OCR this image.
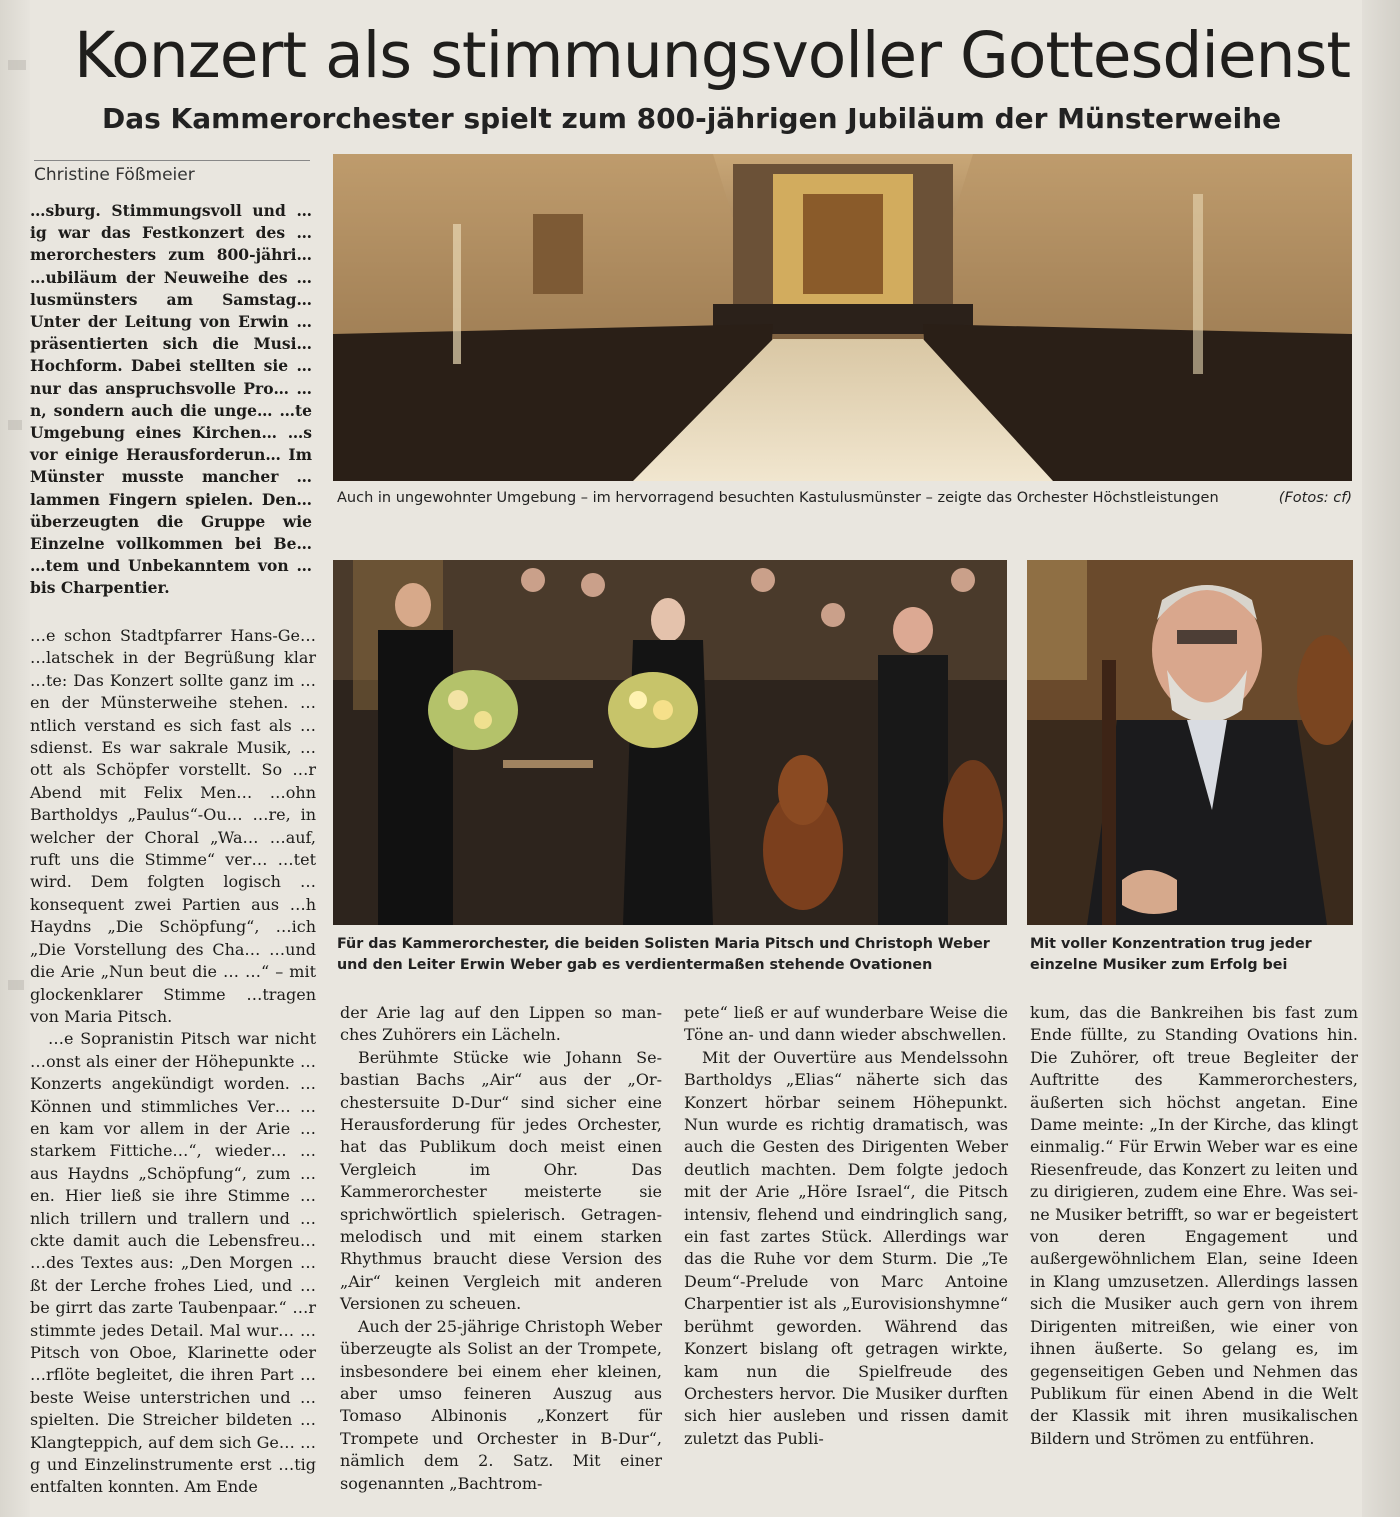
Konzert als stimmungsvoller Gottesdienst
Das Kammerorchester spielt zum 800-jährigen Jubiläum der Münsterweihe
Christine Fößmeier
…sburg. Stimmungsvoll und …ig war das Festkonzert des …merorchesters zum 800-jähri… …ubiläum der Neuweihe des …lusmünsters am Samstag… Unter der Leitung von Erwin … präsentierten sich die Musi… Hochform. Dabei stellten sie … nur das anspruchsvolle Pro… …n, sondern auch die unge… …te Umgebung eines Kirchen… …s vor einige Herausforderun… Im Münster musste mancher …lammen Fingern spielen. Den… überzeugten die Gruppe wie Einzelne vollkommen bei Be… …tem und Unbekanntem von …bis Charpentier.
Auch in ungewohnter Umgebung – im hervorragend besuchten Kastulusmünster – zeigte das Orchester Höchstleistungen	(Fotos: cf)
Für das Kammerorchester, die beiden Solisten Maria Pitsch und Christoph Weber und den Leiter Erwin Weber gab es verdientermaßen stehende Ovationen
Mit voller Konzentration trug jeder einzelne Musiker zum Erfolg bei

…e schon Stadtpfarrer Hans-Ge… …latschek in der Begrüßung klar …te: Das Konzert sollte ganz im …en der Münsterweihe stehen. …ntlich verstand es sich fast als …sdienst. Es war sakrale Musik, …ott als Schöpfer vorstellt. So …r Abend mit Felix Men… …ohn Bartholdys „Paulus“-Ou… …re, in welcher der Choral „Wa… …auf, ruft uns die Stimme“ ver… …tet wird. Dem folgten logisch … konsequent zwei Partien aus …h Haydns „Die Schöpfung“, …ich „Die Vorstellung des Cha… …und die Arie „Nun beut die … …“ – mit glockenklarer Stimme …tragen von Maria Pitsch.

…e Sopranistin Pitsch war nicht …onst als einer der Höhepunkte … Konzerts angekündigt worden. … Können und stimmliches Ver… …en kam vor allem in der Arie … starkem Fittiche…“, wieder… …aus Haydns „Schöpfung“, zum …en. Hier ließ sie ihre Stimme …nlich trillern und trallern und …ckte damit auch die Lebensfreu… …des Textes aus: „Den Morgen …ßt der Lerche frohes Lied, und …be girrt das zarte Taubenpaar.“ …r stimmte jedes Detail. Mal wur… …Pitsch von Oboe, Klarinette oder …rflöte begleitet, die ihren Part … beste Weise unterstrichen und …spielten. Die Streicher bildeten … Klangteppich, auf dem sich Ge… …g und Einzelinstrumente erst …tig entfalten konnten. Am Ende

der Arie lag auf den Lippen so manches Zuhörers ein Lächeln.

Berühmte Stücke wie Johann Sebastian Bachs „Air“ aus der „Orchestersuite D-Dur“ sind sicher eine Herausforderung für jedes Orchester, hat das Publikum doch meist einen Vergleich im Ohr. Das Kammerorchester meisterte sie sprichwörtlich spielerisch. Getragen-melodisch und mit einem starken Rhythmus braucht diese Version des „Air“ keinen Vergleich mit anderen Versionen zu scheuen.

Auch der 25-jährige Christoph Weber überzeugte als Solist an der Trompete, insbesondere bei einem eher kleinen, aber umso feineren Auszug aus Tomaso Albinonis „Konzert für Trompete und Orchester in B-Dur“, nämlich dem 2. Satz. Mit einer sogenannten „Bachtrom-

pete“ ließ er auf wunderbare Weise die Töne an- und dann wieder abschwellen.

Mit der Ouvertüre aus Mendelssohn Bartholdys „Elias“ näherte sich das Konzert hörbar seinem Höhepunkt. Nun wurde es richtig dramatisch, was auch die Gesten des Dirigenten Weber deutlich machten. Dem folgte jedoch mit der Arie „Höre Israel“, die Pitsch intensiv, flehend und eindringlich sang, ein fast zartes Stück. Allerdings war das die Ruhe vor dem Sturm. Die „Te Deum“-Prelude von Marc Antoine Charpentier ist als „Eurovisionshymne“ berühmt geworden. Während das Konzert bislang oft getragen wirkte, kam nun die Spielfreude des Orchesters hervor. Die Musiker durften sich hier ausleben und rissen damit zuletzt das Publi-

kum, das die Bankreihen bis fast zum Ende füllte, zu Standing Ovations hin. Die Zuhörer, oft treue Begleiter der Auftritte des Kammerorchesters, äußerten sich höchst angetan. Eine Dame meinte: „In der Kirche, das klingt einmalig.“ Für Erwin Weber war es eine Riesenfreude, das Konzert zu leiten und zu dirigieren, zudem eine Ehre. Was seine Musiker betrifft, so war er begeistert von deren Engagement und außergewöhnlichem Elan, seine Ideen in Klang umzusetzen. Allerdings lassen sich die Musiker auch gern von ihrem Dirigenten mitreißen, wie einer von ihnen äußerte. So gelang es, im gegenseitigen Geben und Nehmen das Publikum für einen Abend in die Welt der Klassik mit ihren musikalischen Bildern und Strömen zu entführen.
